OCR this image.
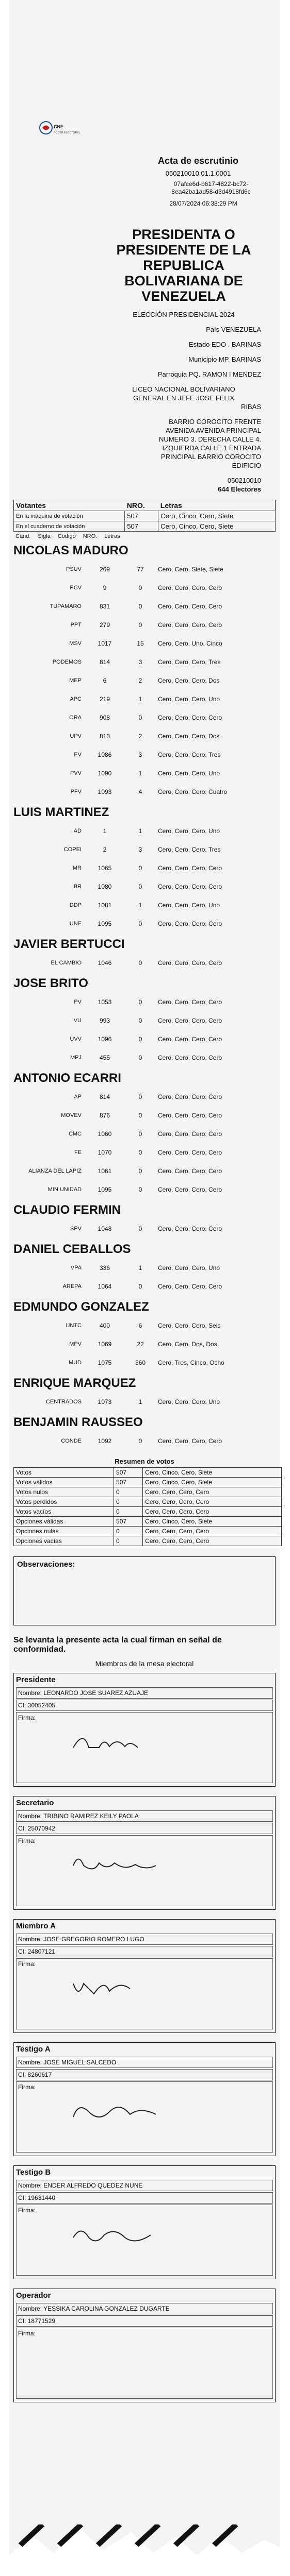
CNE
PODER ELECTORAL
Acta de escrutinio
050210010.01.1.0001
07afce6d-b617-4822-bc72-
8ea42ba1ad58-d3d4918fd6c
28/07/2024 06:38:29 PM
PRESIDENTA O
PRESIDENTE DE LA
REPUBLICA
BOLIVARIANA DE
VENEZUELA
ELECCIÓN PRESIDENCIAL 2024
País VENEZUELA
Estado EDO . BARINAS
Municipio MP. BARINAS
Parroquia PQ. RAMON I MENDEZ
LICEO NACIONAL BOLIVARIANO
GENERAL EN JEFE JOSE FELIX
RIBAS
BARRIO COROCITO FRENTE
AVENIDA AVENIDA PRINCIPAL
NUMERO 3. DERECHA CALLE 4.
IZQUIERDA CALLE 1 ENTRADA
PRINCIPAL BARRIO COROCITO
EDIFICIO
050210010
644 Electores
Votantes	NRO.	Letras
En la máquina de votación	507	Cero, Cinco, Cero, Siete
En el cuaderno de votación	507	Cero, Cinco, Cero, Siete
Cand. Sigla Código NRO. Letras
NICOLAS MADURO
PSUV	269	77	Cero, Cero, Siete, Siete
PCV	9	0	Cero, Cero, Cero, Cero
TUPAMARO	831	0	Cero, Cero, Cero, Cero
PPT	279	0	Cero, Cero, Cero, Cero
MSV	1017	15	Cero, Cero, Uno, Cinco
PODEMOS	814	3	Cero, Cero, Cero, Tres
MEP	6	2	Cero, Cero, Cero, Dos
APC	219	1	Cero, Cero, Cero, Uno
ORA	908	0	Cero, Cero, Cero, Cero
UPV	813	2	Cero, Cero, Cero, Dos
EV	1086	3	Cero, Cero, Cero, Tres
PVV	1090	1	Cero, Cero, Cero, Uno
PFV	1093	4	Cero, Cero, Cero, Cuatro
LUIS MARTINEZ
AD	1	1	Cero, Cero, Cero, Uno
COPEI	2	3	Cero, Cero, Cero, Tres
MR	1065	0	Cero, Cero, Cero, Cero
BR	1080	0	Cero, Cero, Cero, Cero
DDP	1081	1	Cero, Cero, Cero, Uno
UNE	1095	0	Cero, Cero, Cero, Cero
JAVIER BERTUCCI
EL CAMBIO	1046	0	Cero, Cero, Cero, Cero
JOSE BRITO
PV	1053	0	Cero, Cero, Cero, Cero
VU	993	0	Cero, Cero, Cero, Cero
UVV	1096	0	Cero, Cero, Cero, Cero
MPJ	455	0	Cero, Cero, Cero, Cero
ANTONIO ECARRI
AP	814	0	Cero, Cero, Cero, Cero
MOVEV	876	0	Cero, Cero, Cero, Cero
CMC	1060	0	Cero, Cero, Cero, Cero
FE	1070	0	Cero, Cero, Cero, Cero
ALIANZA DEL LAPIZ	1061	0	Cero, Cero, Cero, Cero
MIN UNIDAD	1095	0	Cero, Cero, Cero, Cero
CLAUDIO FERMIN
SPV	1048	0	Cero, Cero, Cero, Cero
DANIEL CEBALLOS
VPA	336	1	Cero, Cero, Cero, Uno
AREPA	1064	0	Cero, Cero, Cero, Cero
EDMUNDO GONZALEZ
UNTC	400	6	Cero, Cero, Cero, Seis
MPV	1069	22	Cero, Cero, Dos, Dos
MUD	1075	360	Cero, Tres, Cinco, Ocho
ENRIQUE MARQUEZ
CENTRADOS	1073	1	Cero, Cero, Cero, Uno
BENJAMIN RAUSSEO
CONDE	1092	0	Cero, Cero, Cero, Cero
Resumen de votos
Votos	507	Cero, Cinco, Cero, Siete
Votos válidos	507	Cero, Cinco, Cero, Siete
Votos nulos	0	Cero, Cero, Cero, Cero
Votos perdidos	0	Cero, Cero, Cero, Cero
Votos vacíos	0	Cero, Cero, Cero, Cero
Opciones válidas	507	Cero, Cinco, Cero, Siete
Opciones nulas	0	Cero, Cero, Cero, Cero
Opciones vacías	0	Cero, Cero, Cero, Cero
Observaciones:
Se levanta la presente acta la cual firman en señal de conformidad.
Miembros de la mesa electoral
Presidente
Nombre: LEONARDO JOSE SUAREZ AZUAJE
CI: 30052405
Firma:
Secretario
Nombre: TRIBINO RAMIREZ KEILY PAOLA
CI: 25070942
Firma:
Miembro A
Nombre: JOSE GREGORIO ROMERO LUGO
CI: 24807121
Firma:
Testigo A
Nombre: JOSE MIGUEL SALCEDO
CI: 8260617
Firma:
Testigo B
Nombre: ENDER ALFREDO QUEDEZ NUNE
CI: 19631440
Firma:
Operador
Nombre: YESSIKA CAROLINA GONZALEZ DUGARTE
CI: 18771529
Firma:
